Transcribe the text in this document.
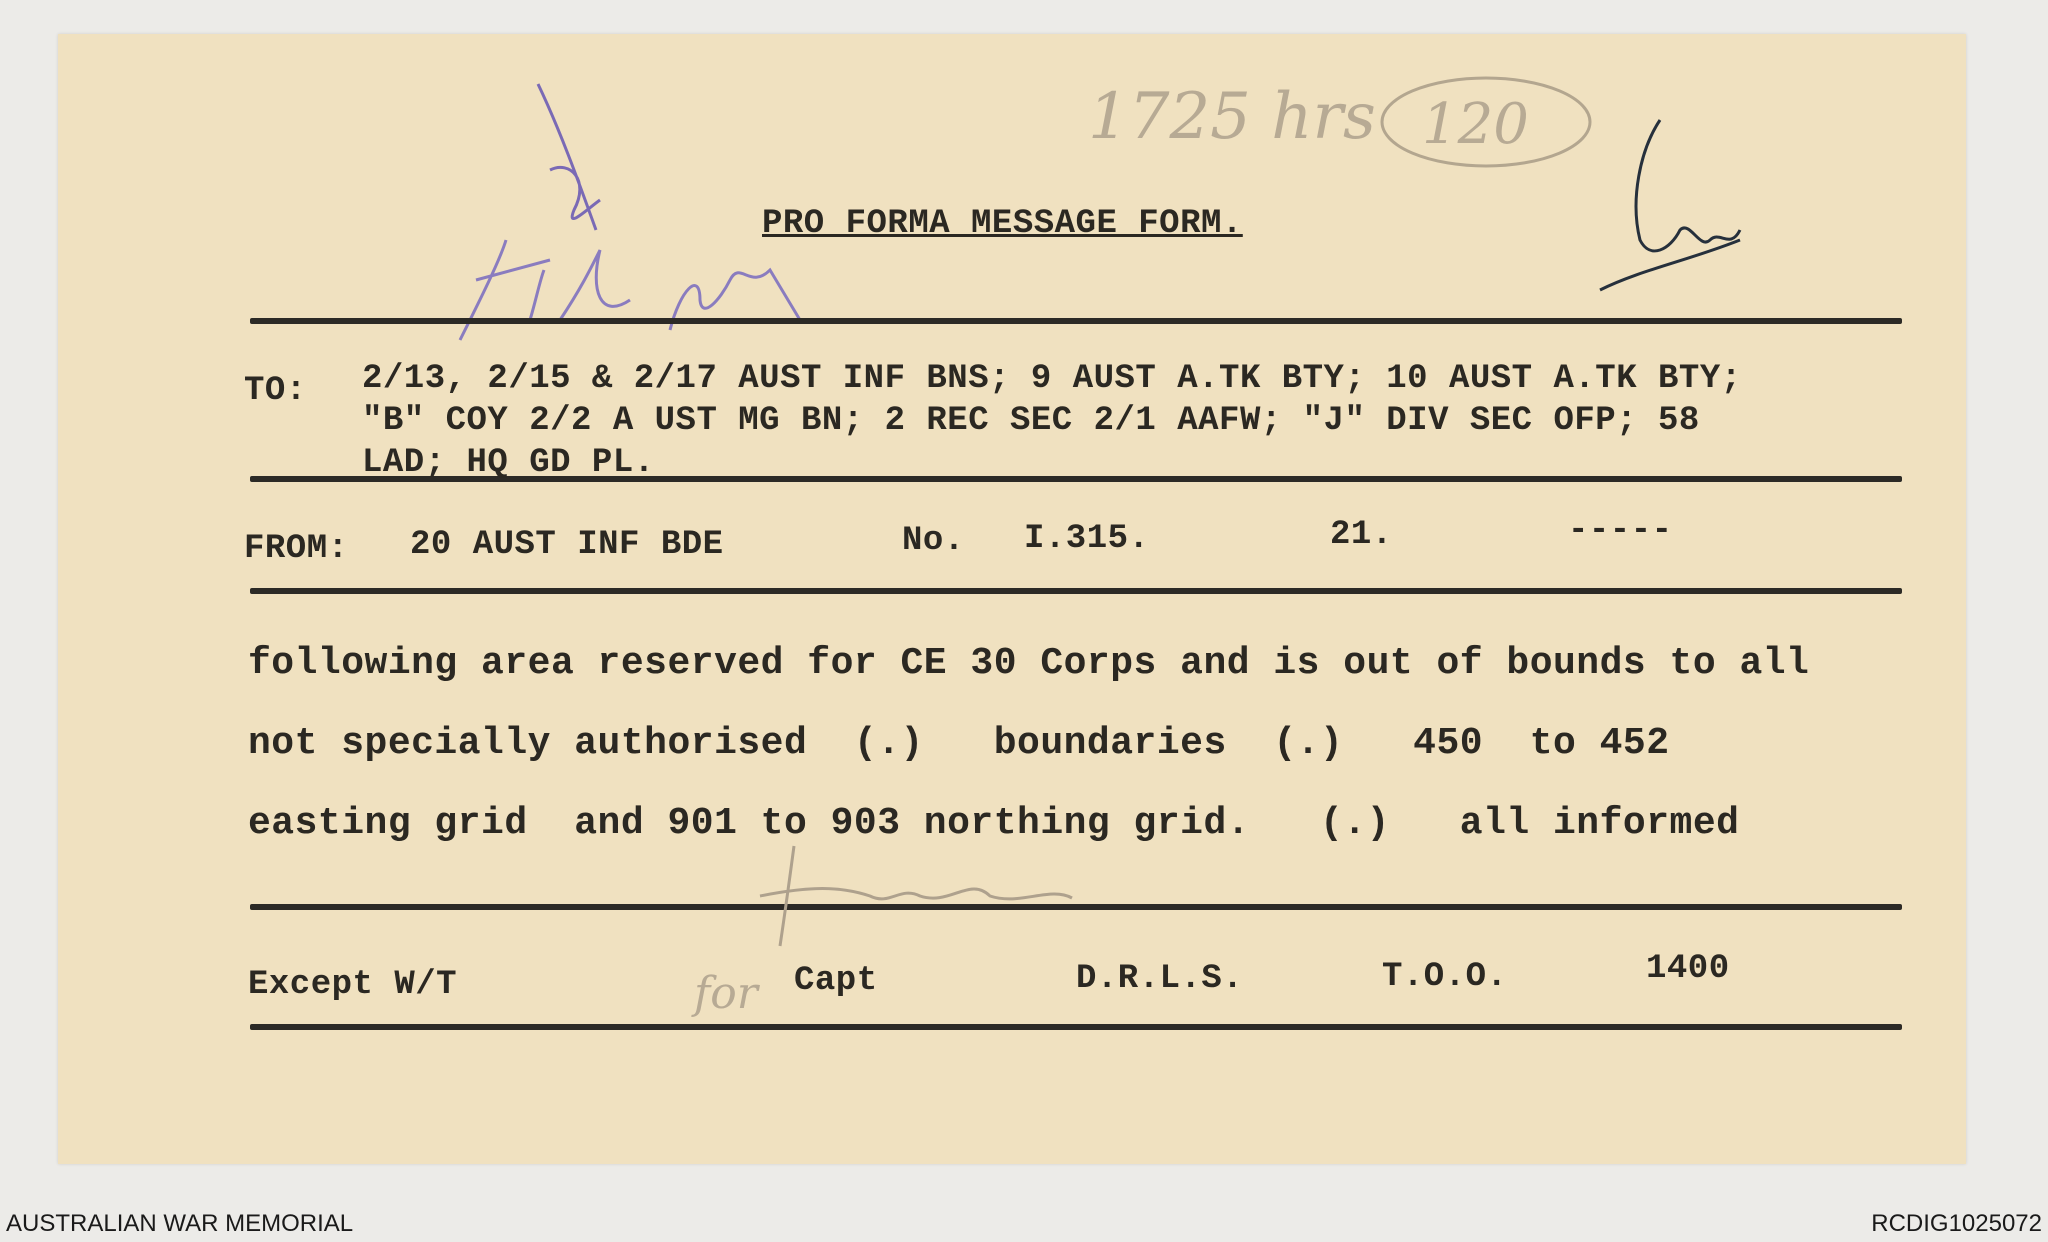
1725 hrs 120
PRO FORMA MESSAGE FORM.
TO: 2/13, 2/15 & 2/17 AUST INF BNS; 9 AUST A.TK BTY; 10 AUST A.TK BTY;
"B" COY 2/2 A UST MG BN; 2 REC SEC 2/1 AAFW; "J" DIV SEC OFP; 58
LAD; HQ GD PL.
FROM: 20 AUST INF BDE	No. I.315.	21.	-----
following area reserved for CE 30 Corps and is out of bounds to all
not specially authorised  (.)   boundaries  (.)   450  to 452
easting grid  and 901 to 903 northing grid.   (.)   all informed
Except W/T	for Capt	D.R.L.S.	T.O.O.	1400
AUSTRALIAN WAR MEMORIAL	RCDIG1025072
